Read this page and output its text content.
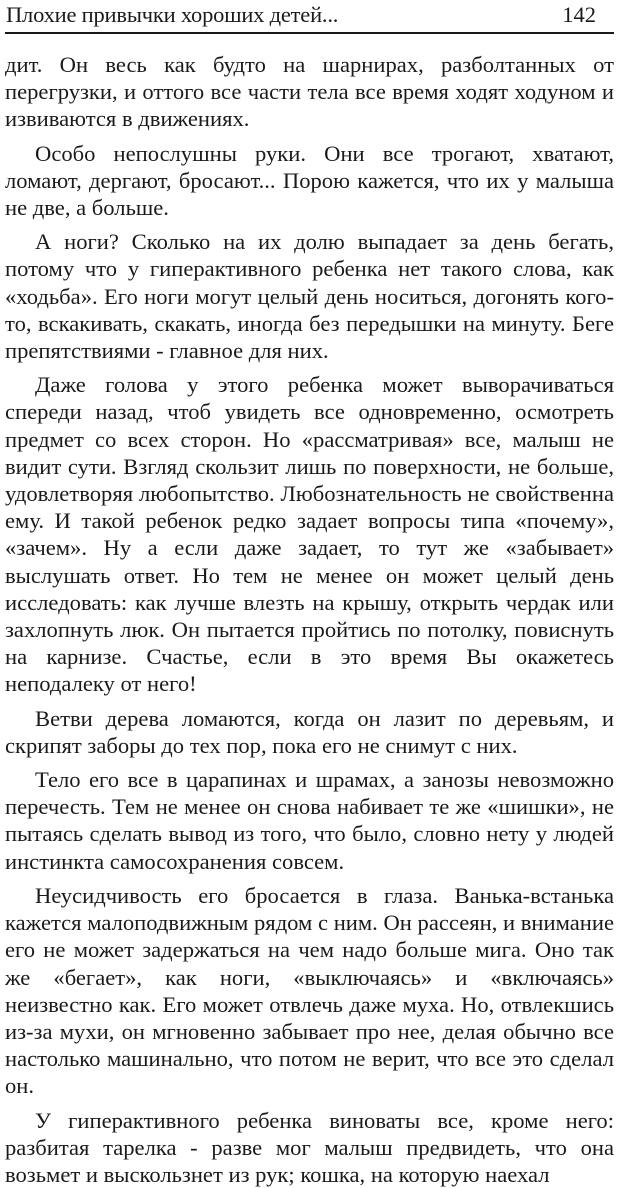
Плохие привычки хороших детей...	142

дит. Он весь как будто на шарнирах, разболтанных от перегрузки, и оттого все части тела все время ходят ходуном и извиваются в движениях.

Особо непослушны руки. Они все трогают, хватают, ломают, дергают, бросают... Порою кажется, что их у малыша не две, а больше.

А ноги? Сколько на их долю выпадает за день бегать, потому что у гиперактивного ребенка нет такого слова, как «ходьба». Его ноги могут целый день носиться, догонять кого-то, вскакивать, скакать, иногда без передышки на минуту. Беге препятствиями - главное для них.

Даже голова у этого ребенка может выворачиваться спереди назад, чтоб увидеть все одновременно, осмотреть предмет со всех сторон. Но «рассматривая» все, малыш не видит сути. Взгляд скользит лишь по поверхности, не больше, удовлетворяя любопытство. Любознательность не свойственна ему. И такой ребенок редко задает вопросы типа «почему», «зачем». Ну а если даже задает, то тут же «забывает» выслушать ответ. Но тем не менее он может целый день исследовать: как лучше влезть на крышу, открыть чердак или захлопнуть люк. Он пытается пройтись по потолку, повиснуть на карнизе. Счастье, если в это время Вы окажетесь неподалеку от него!

Ветви дерева ломаются, когда он лазит по деревьям, и скрипят заборы до тех пор, пока его не снимут с них.

Тело его все в царапинах и шрамах, а занозы невозможно перечесть. Тем не менее он снова набивает те же «шишки», не пытаясь сделать вывод из того, что было, словно нету у людей инстинкта самосохранения совсем.

Неусидчивость его бросается в глаза. Ванька-встанька кажется малоподвижным рядом с ним. Он рассеян, и внимание его не может задержаться на чем надо больше мига. Оно так же «бегает», как ноги, «выключаясь» и «включаясь» неизвестно как. Его может отвлечь даже муха. Но, отвлекшись из-за мухи, он мгновенно забывает про нее, делая обычно все настолько машинально, что потом не верит, что все это сделал он.

У гиперактивного ребенка виноваты все, кроме него: разбитая тарелка - разве мог малыш предвидеть, что она возьмет и выскользнет из рук; кошка, на которую наехал
